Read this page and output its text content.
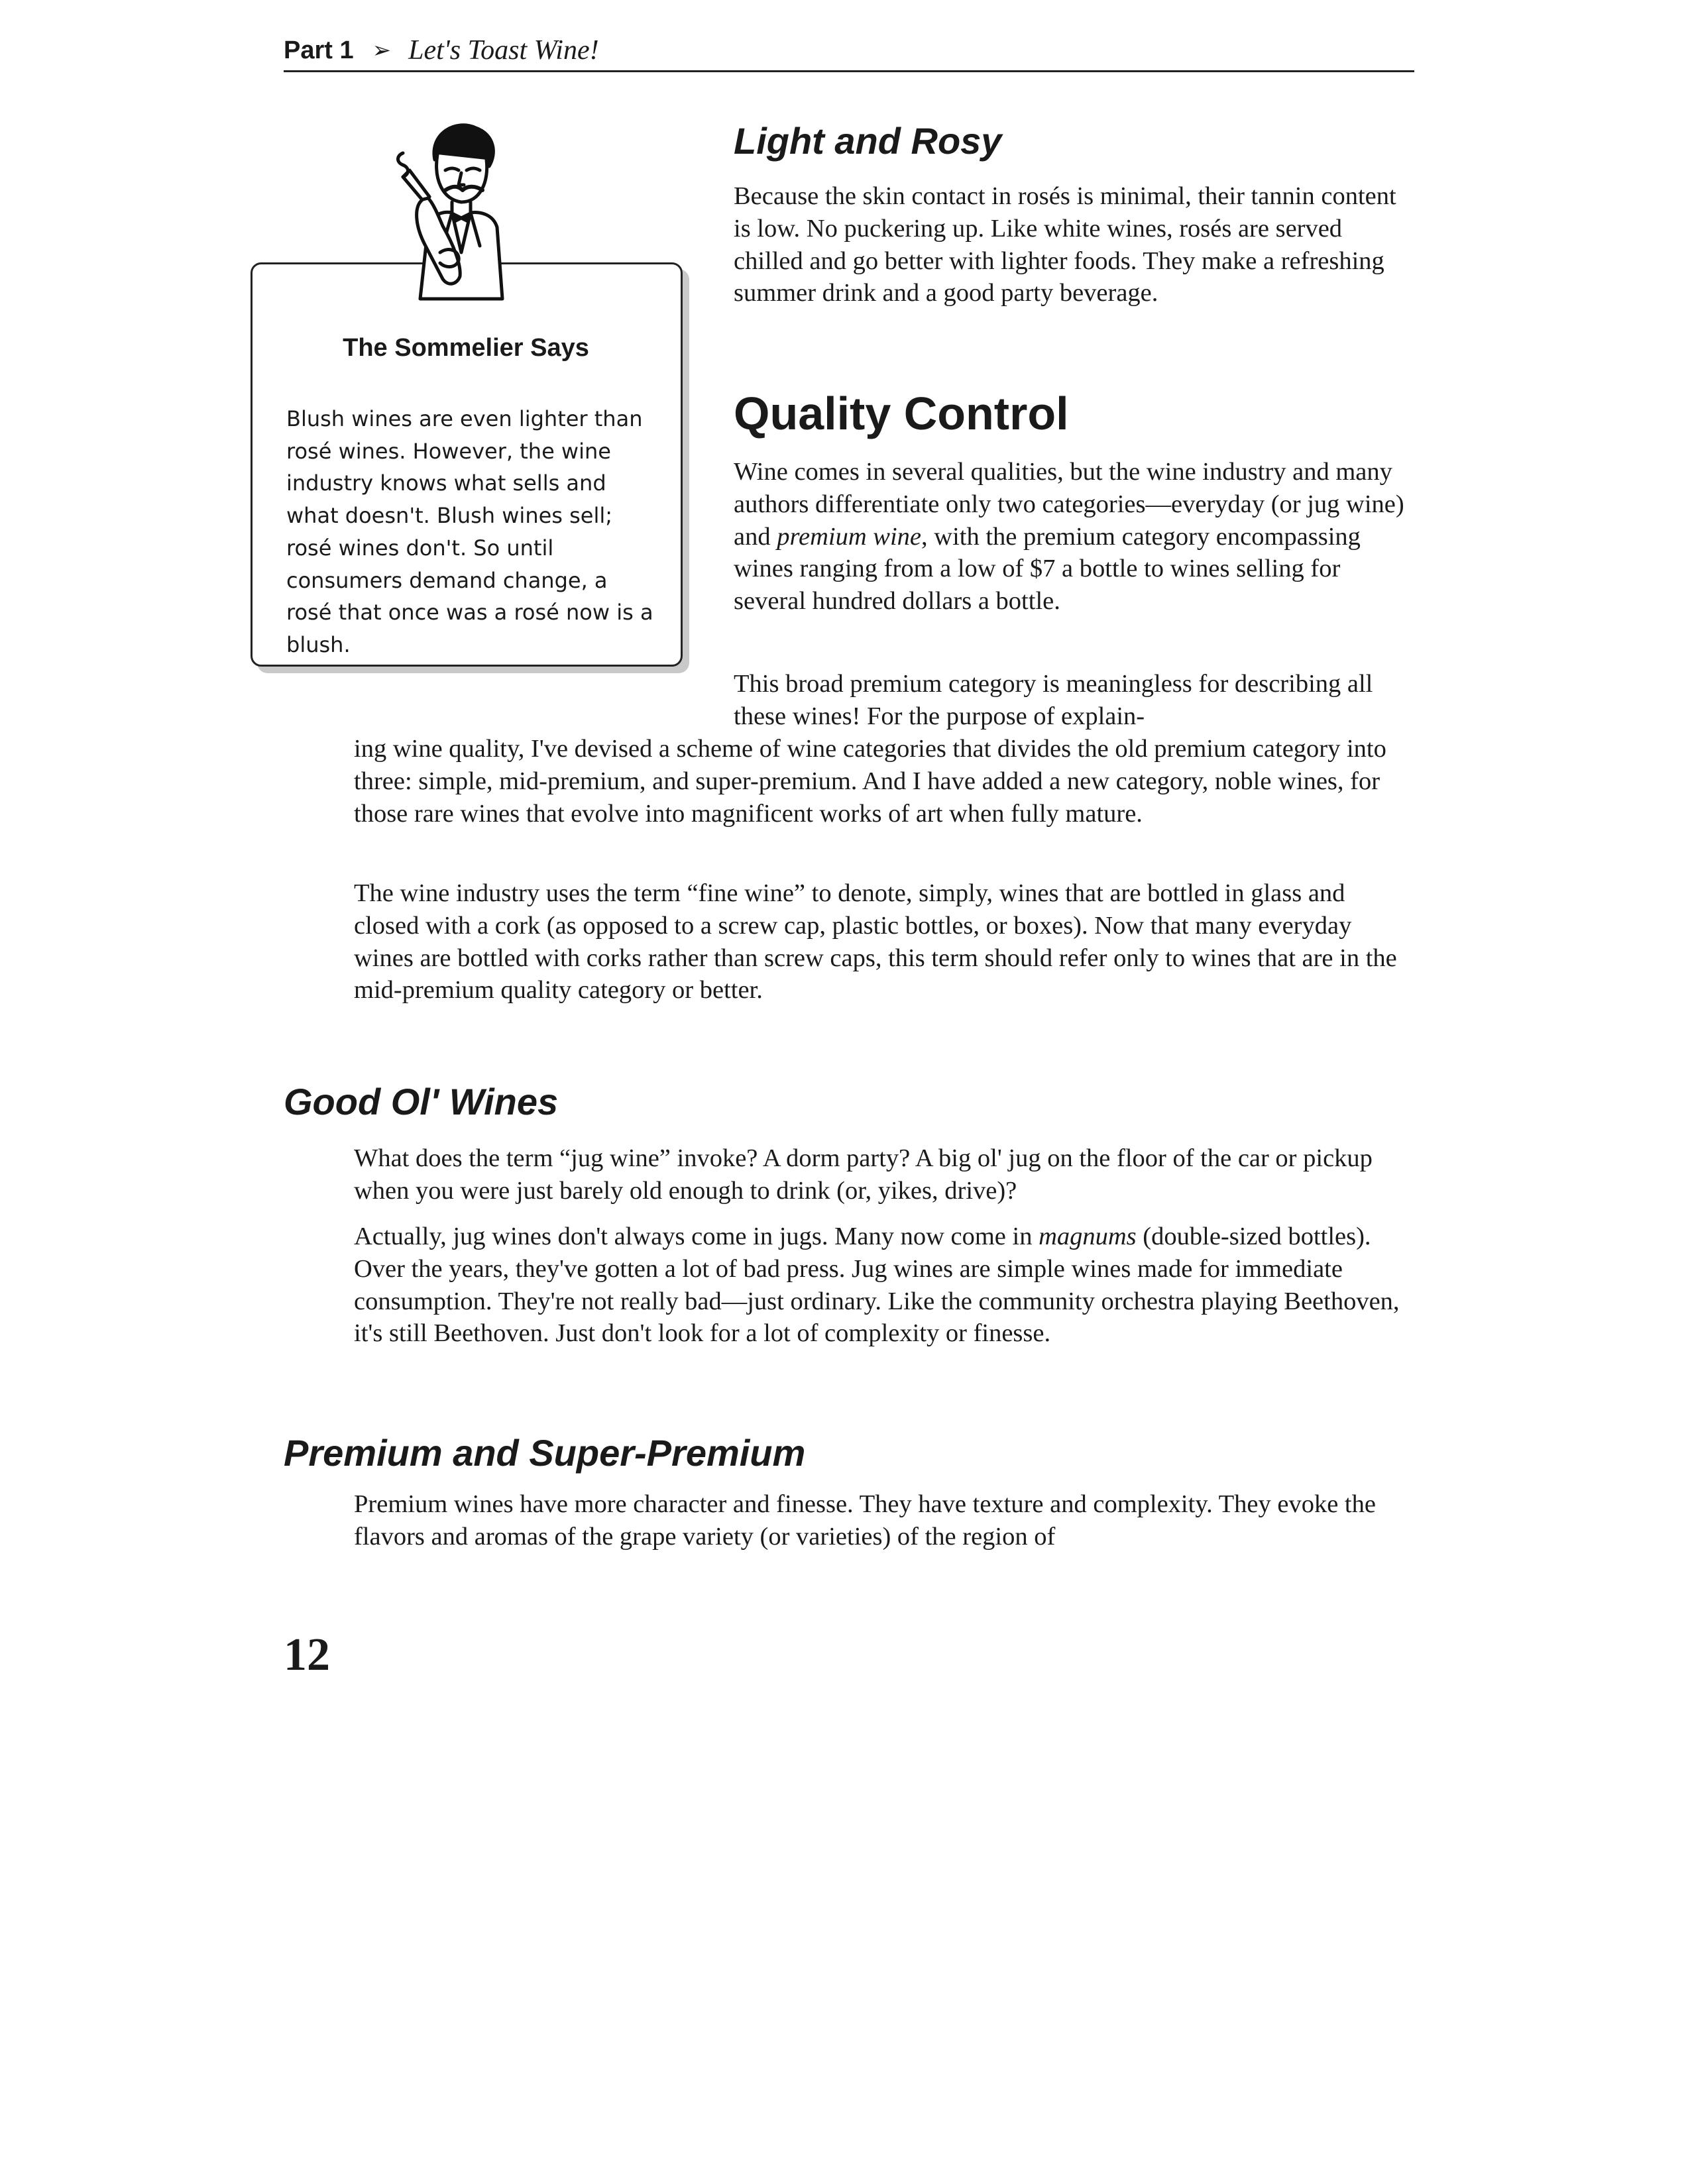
Part 1 ➢ Let's Toast Wine!
The Sommelier Says

Blush wines are even lighter than rosé wines. However, the wine industry knows what sells and what doesn't. Blush wines sell; rosé wines don't. So until consumers demand change, a rosé that once was a rosé now is a blush.

Light and Rosy

Because the skin contact in rosés is minimal, their tannin content is low. No puckering up. Like white wines, rosés are served chilled and go better with lighter foods. They make a refreshing summer drink and a good party beverage.

Quality Control

Wine comes in several qualities, but the wine industry and many authors differentiate only two categories—everyday (or jug wine) and premium wine, with the premium category encompassing wines ranging from a low of $7 a bottle to wines selling for several hundred dollars a bottle.

This broad premium category is meaningless for describing all these wines! For the purpose of explain-

ing wine quality, I've devised a scheme of wine categories that divides the old premium category into three: simple, mid-premium, and super-premium. And I have added a new category, noble wines, for those rare wines that evolve into magnificent works of art when fully mature.

The wine industry uses the term “fine wine” to denote, simply, wines that are bottled in glass and closed with a cork (as opposed to a screw cap, plastic bottles, or boxes). Now that many everyday wines are bottled with corks rather than screw caps, this term should refer only to wines that are in the mid-premium quality category or better.

Good Ol' Wines

What does the term “jug wine” invoke? A dorm party? A big ol' jug on the floor of the car or pickup when you were just barely old enough to drink (or, yikes, drive)?

Actually, jug wines don't always come in jugs. Many now come in magnums (double-sized bottles). Over the years, they've gotten a lot of bad press. Jug wines are simple wines made for immediate consumption. They're not really bad—just ordinary. Like the community orchestra playing Beethoven, it's still Beethoven. Just don't look for a lot of complexity or finesse.

Premium and Super-Premium

Premium wines have more character and finesse. They have texture and complexity. They evoke the flavors and aromas of the grape variety (or varieties) of the region of

12
